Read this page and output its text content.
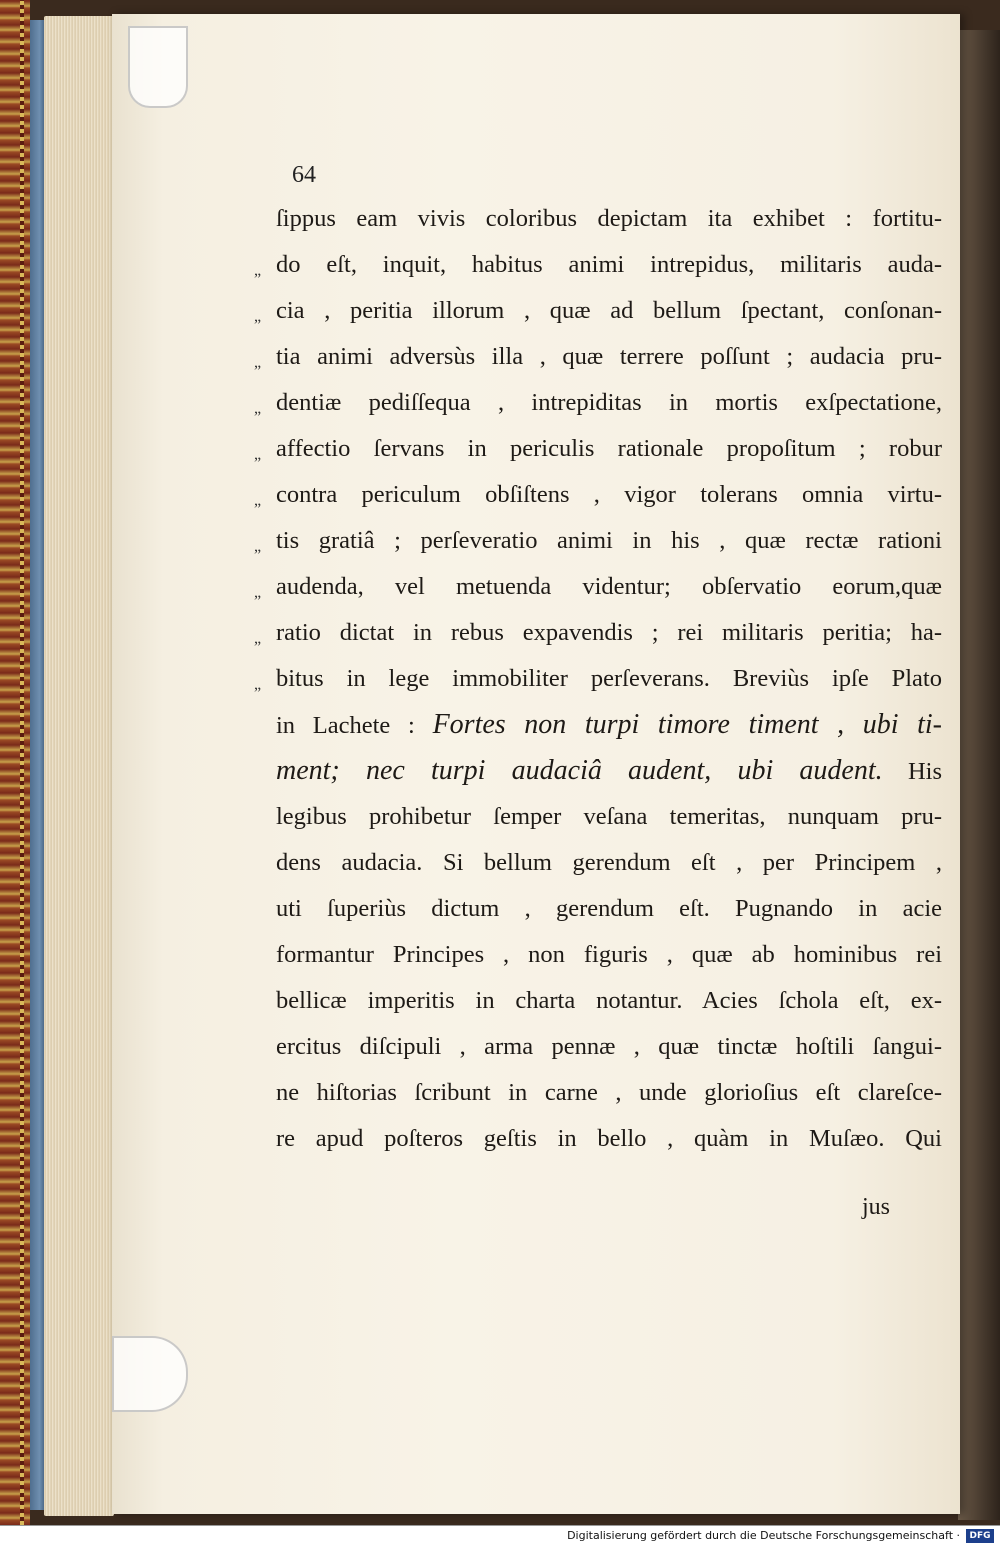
64
ſippus eam vivis coloribus depictam ita exhibet : fortitu-
„ do eſt, inquit, habitus animi intrepidus, militaris auda-
„ cia , peritia illorum , quæ ad bellum ſpectant, conſonan-
„ tia animi adversùs illa , quæ terrere poſſunt ; audacia pru-
„ dentiæ pediſſequa , intrepiditas in mortis exſpectatione,
„ affectio ſervans in periculis rationale propoſitum ; robur
„ contra periculum obſiſtens , vigor tolerans omnia virtu-
„ tis gratiâ ; perſeveratio animi in his , quæ rectæ rationi
„ audenda, vel metuenda videntur; obſervatio eorum,quæ
„ ratio dictat in rebus expavendis ; rei militaris peritia; ha-
„ bitus in lege immobiliter perſeverans. Breviùs ipſe Plato
in Lachete : Fortes non turpi timore timent , ubi ti-
ment; nec turpi audaciâ audent, ubi audent. His
legibus prohibetur ſemper veſana temeritas, nunquam pru-
dens audacia. Si bellum gerendum eſt , per Principem ,
uti ſuperiùs dictum , gerendum eſt. Pugnando in acie
formantur Principes , non figuris , quæ ab hominibus rei
bellicæ imperitis in charta notantur. Acies ſchola eſt, ex-
ercitus diſcipuli , arma pennæ , quæ tinctæ hoſtili ſangui-
ne hiſtorias ſcribunt in carne , unde glorioſius eſt clareſce-
re apud poſteros geſtis in bello , quàm in Muſæo. Qui
jus
Digitalisierung gefördert durch die Deutsche Forschungsgemeinschaft ·	DFG
